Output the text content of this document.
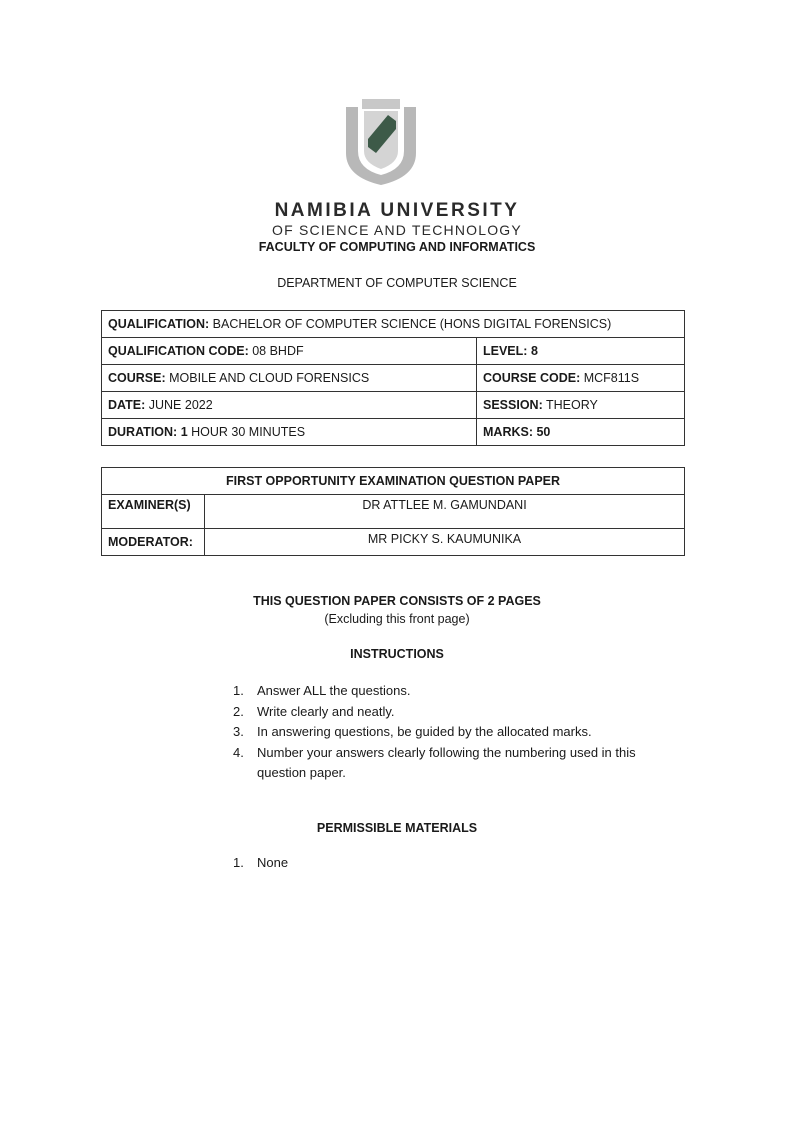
NAMIBIA UNIVERSITY
OF SCIENCE AND TECHNOLOGY
FACULTY OF COMPUTING AND INFORMATICS
DEPARTMENT OF COMPUTER SCIENCE
QUALIFICATION: BACHELOR OF COMPUTER SCIENCE (HONS DIGITAL FORENSICS)	
QUALIFICATION CODE: 08 BHDF	LEVEL: 8
COURSE: MOBILE AND CLOUD FORENSICS	COURSE CODE: MCF811S
DATE: JUNE 2022	SESSION: THEORY
DURATION: 1 HOUR 30 MINUTES	MARKS: 50
FIRST OPPORTUNITY EXAMINATION QUESTION PAPER	
EXAMINER(S)	DR ATTLEE M. GAMUNDANI
MODERATOR:	MR PICKY S. KAUMUNIKA
THIS QUESTION PAPER CONSISTS OF 2 PAGES
(Excluding this front page)
INSTRUCTIONS
1.	Answer ALL the questions.
2.	Write clearly and neatly.
3.	In answering questions, be guided by the allocated marks.
4.	Number your answers clearly following the numbering used in this question paper.
PERMISSIBLE MATERIALS
1. None
